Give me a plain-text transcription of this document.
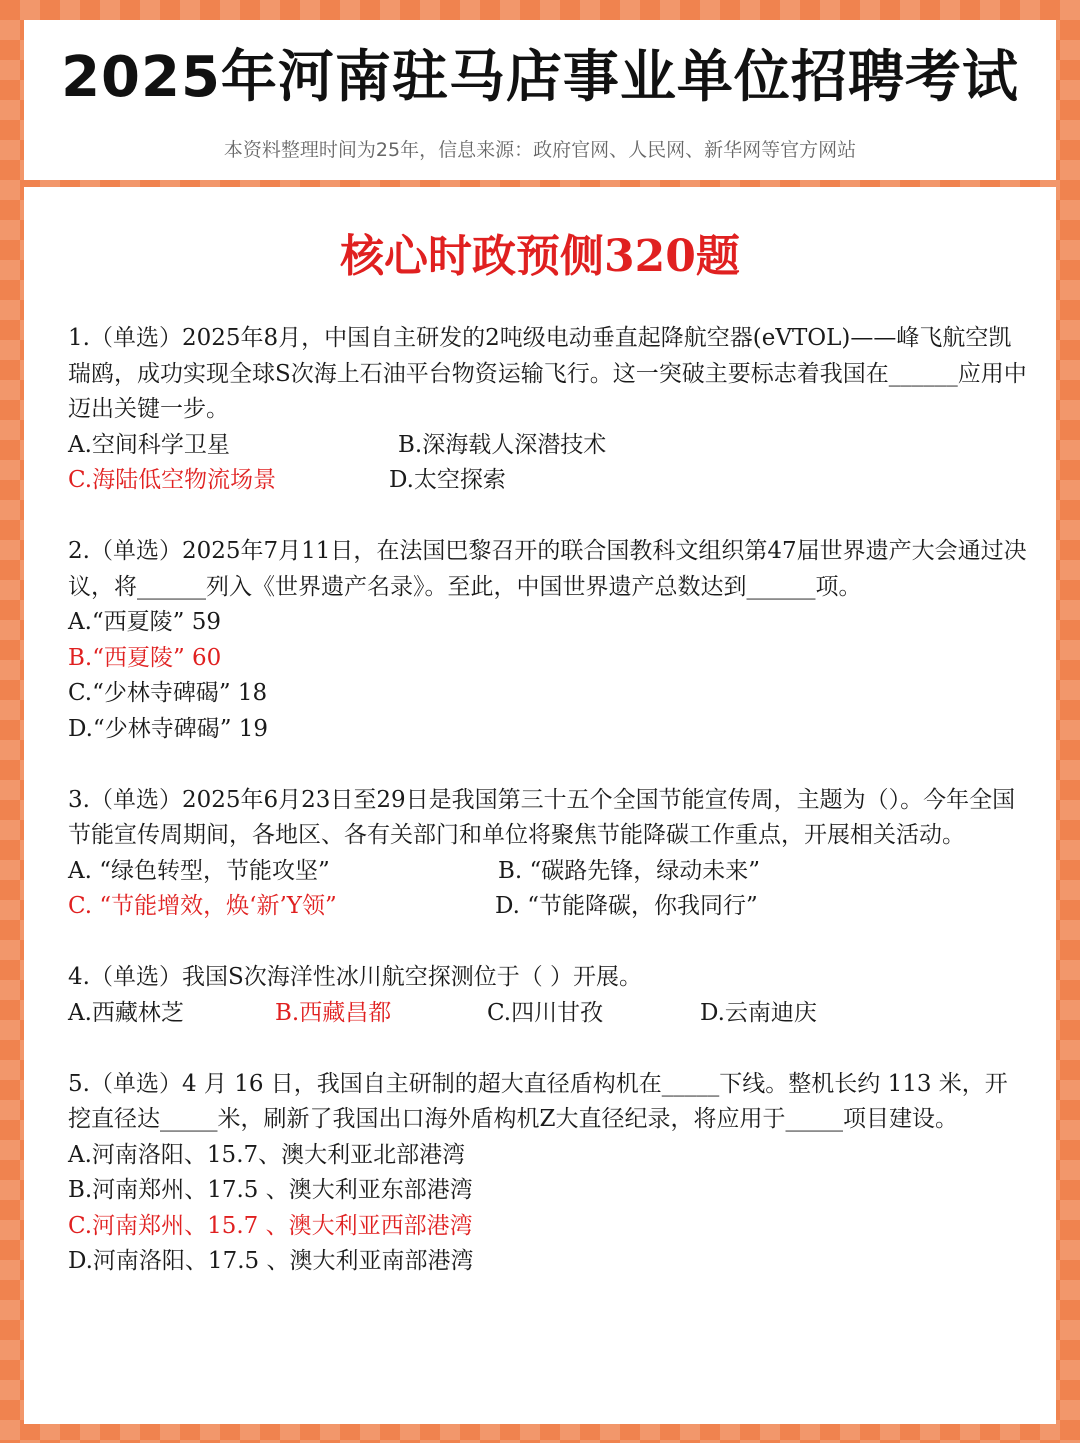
2025年河南驻马店事业单位招聘考试
本资料整理时间为25年，信息来源：政府官网、人民网、新华网等官方网站
核心时政预侧320题

1.（单选）2025年8月，中国自主研发的2吨级电动垂直起降航空器(eVTOL)——峰飞航空凯瑞鸥，成功实现全球S次海上石油平台物资运输飞行。这一突破主要标志着我国在______应用中迈出关键一步。

A.空间科学卫星	B.深海载人深潜技术
C.海陆低空物流场景	D.太空探索

2.（单选）2025年7月11日，在法国巴黎召开的联合国教科文组织第47届世界遗产大会通过决议，将______列入《世界遗产名录》。至此，中国世界遗产总数达到______项。

A.“西夏陵” 59
B.“西夏陵” 60
C.“少林寺碑碣” 18
D.“少林寺碑碣” 19

3.（单选）2025年6月23日至29日是我国第三十五个全国节能宣传周，主题为（）。今年全国节能宣传周期间，各地区、各有关部门和单位将聚焦节能降碳工作重点，开展相关活动。

A. “绿色转型，节能攻坚”	B. “碳路先锋，绿动未来”
C. “节能增效，焕‘新’Y领”	D. “节能降碳，你我同行”

4.（单选）我国S次海洋性冰川航空探测位于（ ）开展。

A.西藏林芝	B.西藏昌都	C.四川甘孜	D.云南迪庆

5.（单选）4 月 16 日，我国自主研制的超大直径盾构机在_____下线。整机长约 113 米，开挖直径达_____米，刷新了我国出口海外盾构机Z大直径纪录，将应用于_____项目建设。

A.河南洛阳、15.7、澳大利亚北部港湾
B.河南郑州、17.5 、澳大利亚东部港湾
C.河南郑州、15.7 、澳大利亚西部港湾
D.河南洛阳、17.5 、澳大利亚南部港湾
